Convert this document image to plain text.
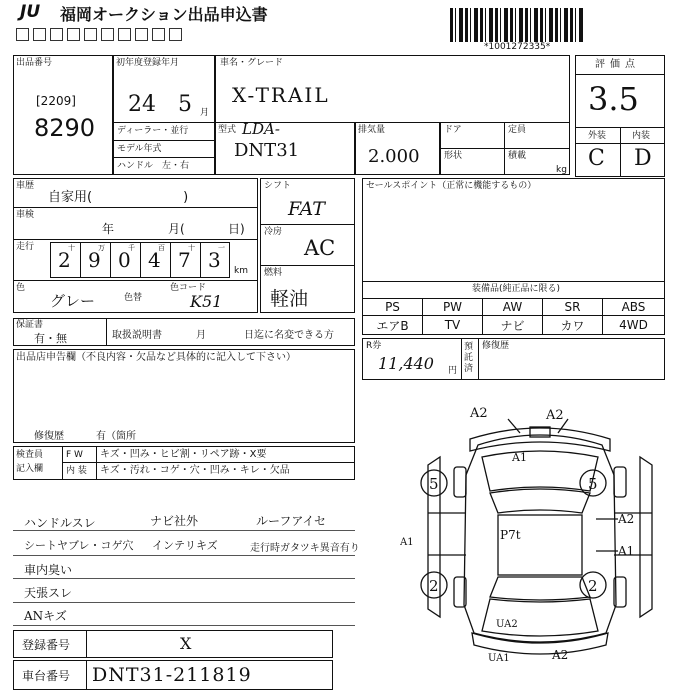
JU 福岡オークション出品申込書
*1001272335*
出品番号
[2209]
8290
初年度登録年月
24 5 月
ディーラー・並行
モデル年式
ハンドル　左・右
車名・グレード
X-TRAIL
型式 LDA-
DNT31
排気量
2.000
ドア
形状
定員
積載
kg
評価点
3.5
外装	内装
C D
車歴
自家用(　　　　　　　)
車検
年	月(	日)
走行	十	万	千	百	十	一
2 9 0 4 7 3 km
色
グレー	色替
色コード
K51
シフト
FAT
冷房
AC
燃料
軽油
セールスポイント（正常に機能するもの）
装備品(純正品に限る)
PS	PW	AW	SR	ABS
エアB	TV	ナビ	カワ	4WD
保証書
有・無	取扱説明書	月	日迄に名変できる方
R券
11,440 円
預託済
修復歴
出品店申告欄（不良内容・欠品など具体的に記入して下さい）
修復歴	有（箇所
検査員
記入欄
F W キズ・凹み・ヒビ割・リペア跡・X要
内 装 キズ・汚れ・コゲ・穴・凹み・キレ・欠品
ハンドルスレ	ナビ社外	ルーフアイセ
シートヤブレ・コゲ穴 インテリキズ	走行時ガタツキ異音有り
車内臭い
天張スレ
ANキズ
A2	A2
A1
5	5
2	2
A2
A1
P7t
A1
UA2
UA1	A2
登録番号	X
車台番号 DNT31-211819
